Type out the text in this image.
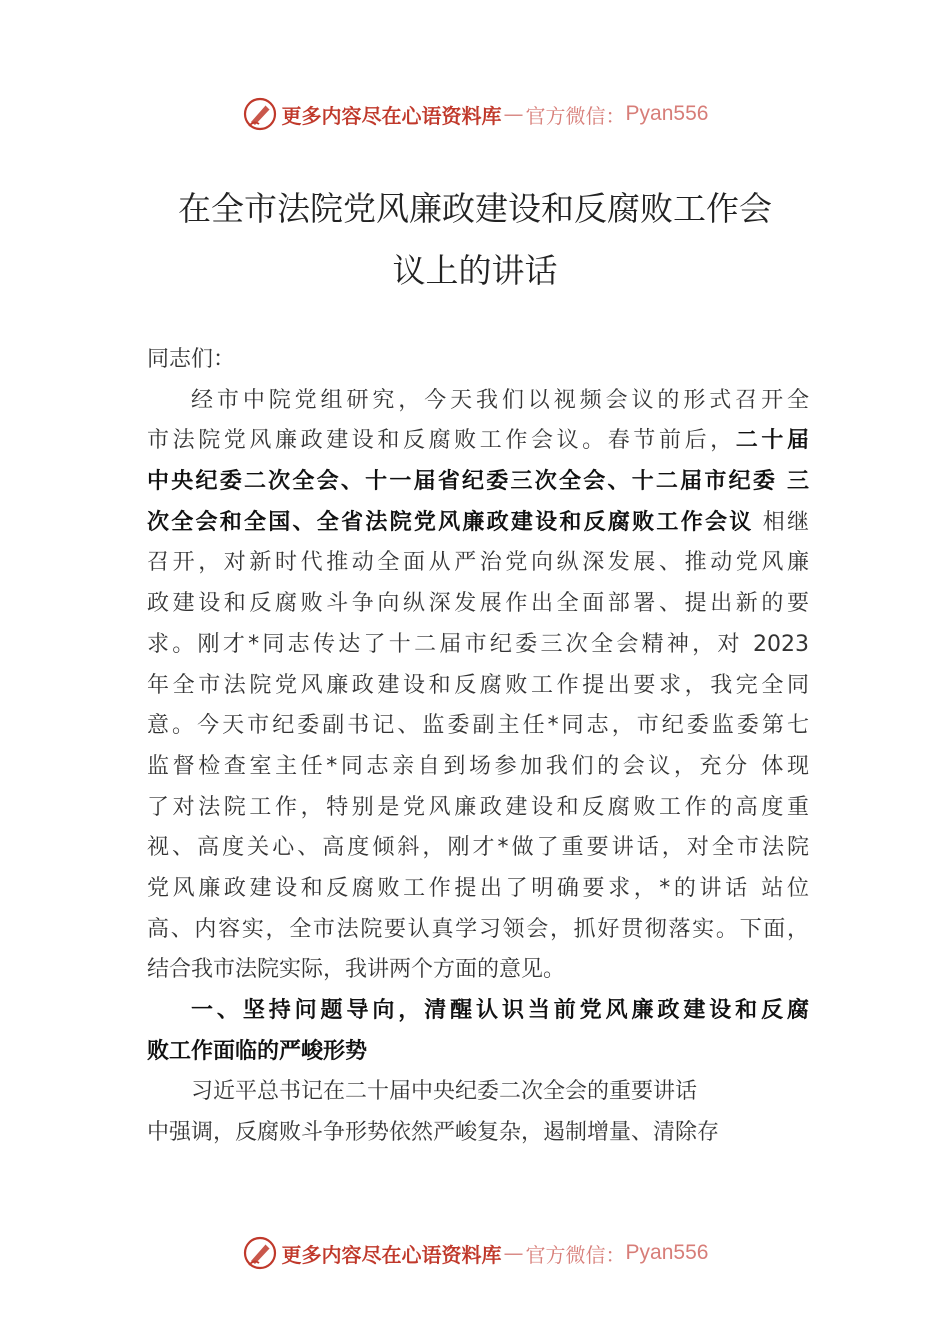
更多内容尽在心语资料库 — 官方微信： Pyan556
在全市法院党风廉政建设和反腐败工作会
议上的讲话
同志们：
经市中院党组研究，今天我们以视频会议的形式召开全
市法院党风廉政建设和反腐败工作会议。春节前后，二十届
中央纪委二次全会、十一届省纪委三次全会、十二届市纪委 三
次全会和全国、全省法院党风廉政建设和反腐败工作会议 相继
召开，对新时代推动全面从严治党向纵深发展、推动党风廉
政建设和反腐败斗争向纵深发展作出全面部署、提出新的要
求。刚才*同志传达了十二届市纪委三次全会精神，对 2023
年全市法院党风廉政建设和反腐败工作提出要求，我完全同
意。今天市纪委副书记、监委副主任*同志，市纪委监委第七
监督检查室主任*同志亲自到场参加我们的会议，充分 体现
了对法院工作，特别是党风廉政建设和反腐败工作的高度重
视、高度关心、高度倾斜，刚才*做了重要讲话，对全市法院
党风廉政建设和反腐败工作提出了明确要求，*的讲话 站位
高、内容实，全市法院要认真学习领会，抓好贯彻落实。下面，
结合我市法院实际，我讲两个方面的意见。
一、坚持问题导向，清醒认识当前党风廉政建设和反腐
败工作面临的严峻形势
习近平总书记在二十届中央纪委二次全会的重要讲话
中强调，反腐败斗争形势依然严峻复杂，遏制增量、清除存
更多内容尽在心语资料库 — 官方微信： Pyan556
